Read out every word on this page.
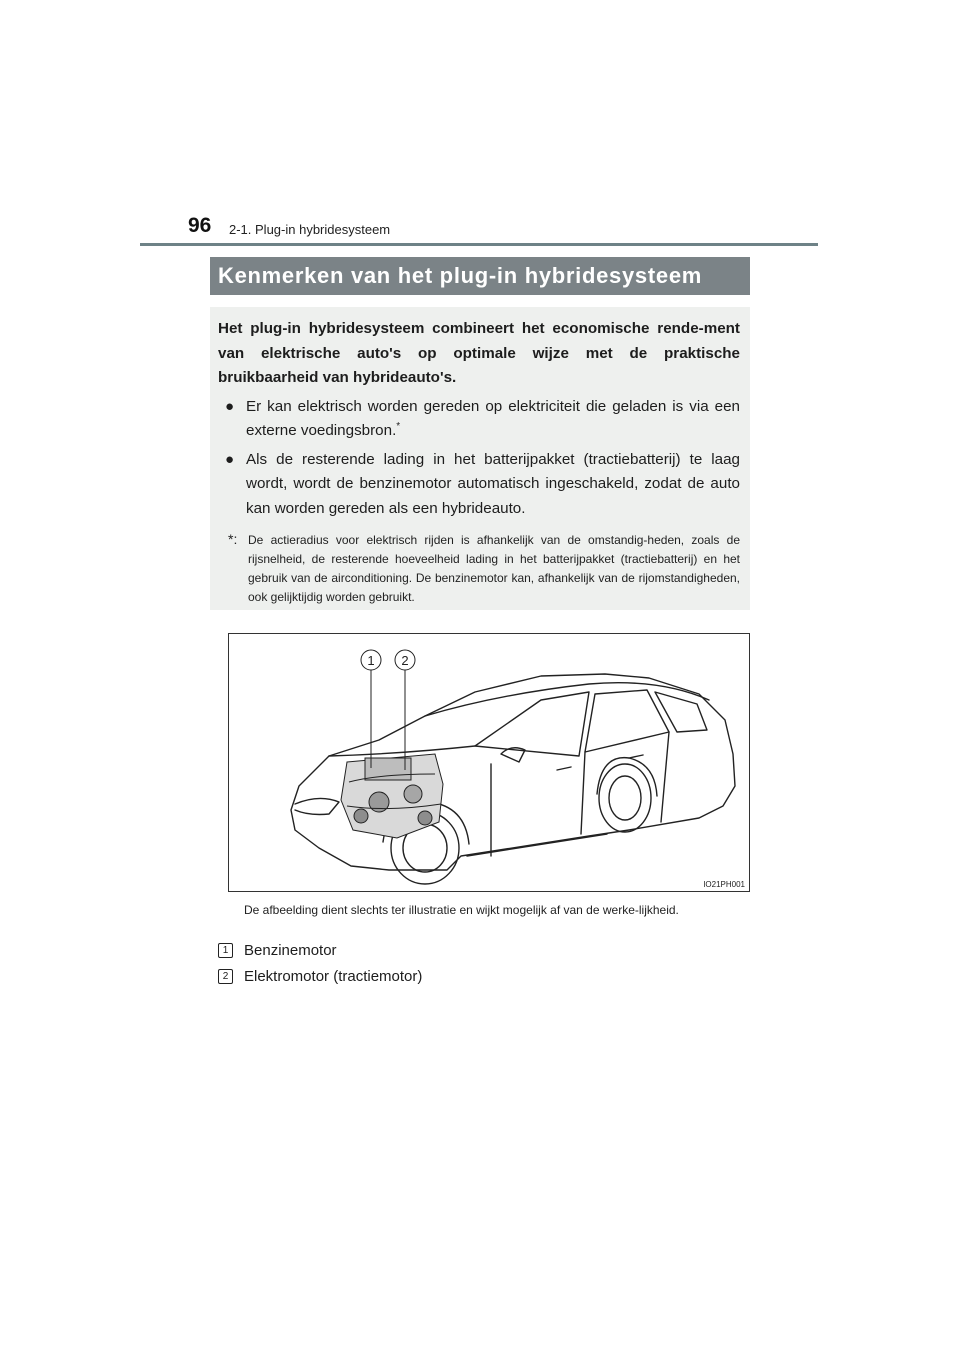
96 2-1. Plug-in hybridesysteem
Kenmerken van het plug-in hybridesysteem

Het plug-in hybridesysteem combineert het economische rende-ment van elektrische auto's op optimale wijze met de praktische bruikbaarheid van hybrideauto's.

● Er kan elektrisch worden gereden op elektriciteit die geladen is via een externe voedingsbron.*
● Als de resterende lading in het batterijpakket (tractiebatterij) te laag wordt, wordt de benzinemotor automatisch ingeschakeld, zodat de auto kan worden gereden als een hybrideauto.
*: De actieradius voor elektrisch rijden is afhankelijk van de omstandig-heden, zoals de rijsnelheid, de resterende hoeveelheid lading in het batterijpakket (tractiebatterij) en het gebruik van de airconditioning. De benzinemotor kan, afhankelijk van de rijomstandigheden, ook gelijktijdig worden gebruikt.
1 2
IO21PH001
De afbeelding dient slechts ter illustratie en wijkt mogelijk af van de werke-lijkheid.
1	Benzinemotor
2	Elektromotor (tractiemotor)
